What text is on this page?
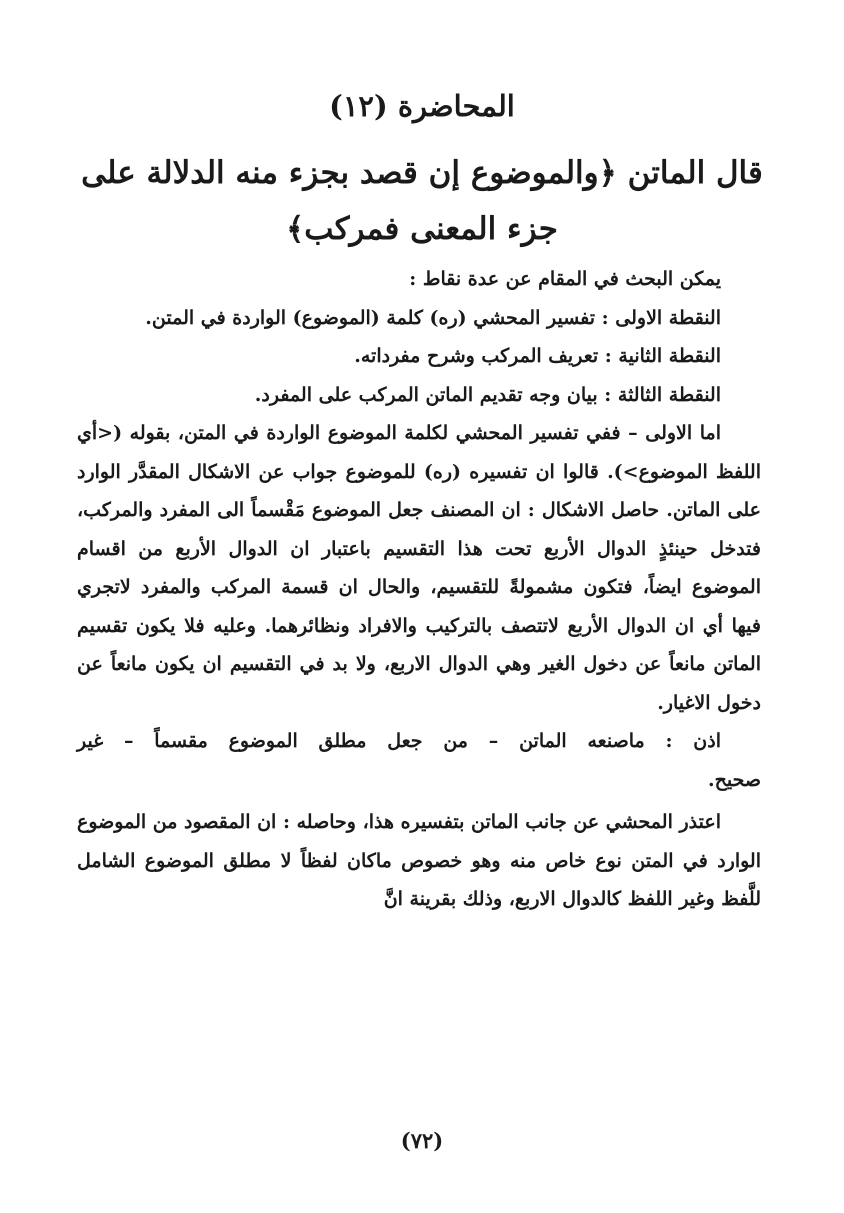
المحاضرة (١٢)
قال الماتن ﴿والموضوع إن قصد بجزء منه الدلالة على
جزء المعنى فمركب﴾

يمكن البحث في المقام عن عدة نقاط :

النقطة الاولى : تفسير المحشي (ره) كلمة (الموضوع) الواردة في المتن.

النقطة الثانية : تعريف المركب وشرح مفرداته.

النقطة الثالثة : بيان وجه تقديم الماتن المركب على المفرد.

اما الاولى – ففي تفسير المحشي لكلمة الموضوع الواردة في المتن، بقوله (<أي اللفظ الموضوع>). قالوا ان تفسيره (ره) للموضوع جواب عن الاشكال المقدَّر الوارد على الماتن. حاصل الاشكال : ان المصنف جعل الموضوع مَقْسماً الى المفرد والمركب، فتدخل حينئذٍ الدوال الأربع تحت هذا التقسيم باعتبار ان الدوال الأربع من اقسام الموضوع ايضاً، فتكون مشمولةً للتقسيم، والحال ان قسمة المركب والمفرد لاتجري فيها أي ان الدوال الأربع لاتتصف بالتركيب والافراد ونظائرهما. وعليه فلا يكون تقسيم الماتن مانعاً عن دخول الغير وهي الدوال الاربع، ولا بد في التقسيم ان يكون مانعاً عن دخول الاغيار.

اذن : ماصنعه الماتن – من جعل مطلق الموضوع مقسماً – غير

صحيح.

اعتذر المحشي عن جانب الماتن بتفسيره هذا، وحاصله : ان المقصود من الموضوع الوارد في المتن نوع خاص منه وهو خصوص ماكان لفظاً لا مطلق الموضوع الشامل للَّفظ وغير اللفظ كالدوال الاربع، وذلك بقرينة انَّ

(٧٢)
